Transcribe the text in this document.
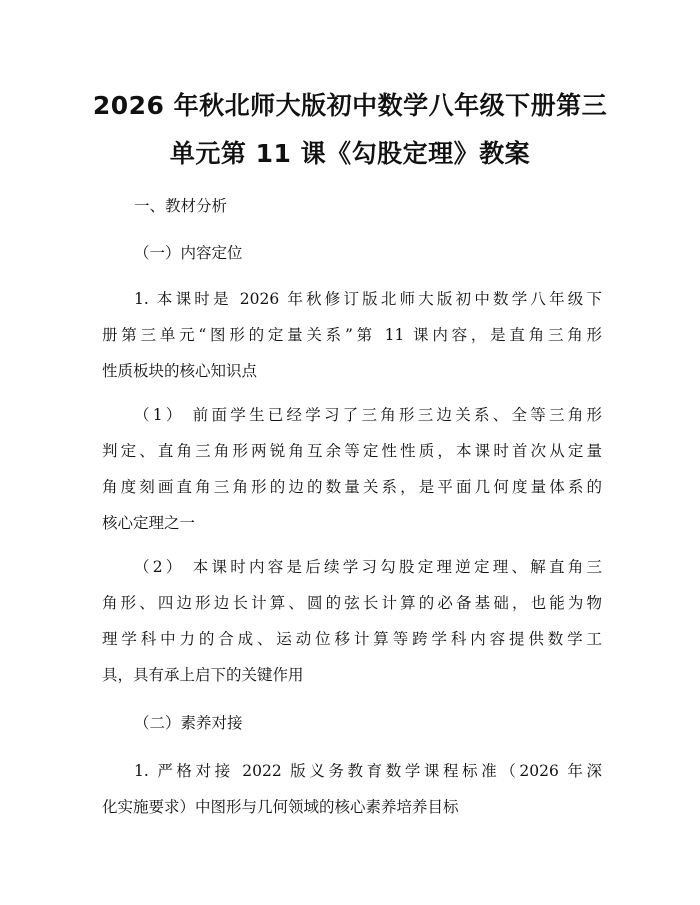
2026 年秋北师大版初中数学八年级下册第三
单元第 11 课《勾股定理》教案
一、教材分析
（一）内容定位
1. 本课时是 2026 年秋修订版北师大版初中数学八年级下
册第三单元“图形的定量关系”第 11 课内容，是直角三角形
性质板块的核心知识点
（1） 前面学生已经学习了三角形三边关系、全等三角形
判定、直角三角形两锐角互余等定性性质，本课时首次从定量
角度刻画直角三角形的边的数量关系，是平面几何度量体系的
核心定理之一
（2） 本课时内容是后续学习勾股定理逆定理、解直角三
角形、四边形边长计算、圆的弦长计算的必备基础，也能为物
理学科中力的合成、运动位移计算等跨学科内容提供数学工
具，具有承上启下的关键作用
（二）素养对接
1. 严格对接 2022 版义务教育数学课程标准（2026 年深
化实施要求）中图形与几何领域的核心素养培养目标
